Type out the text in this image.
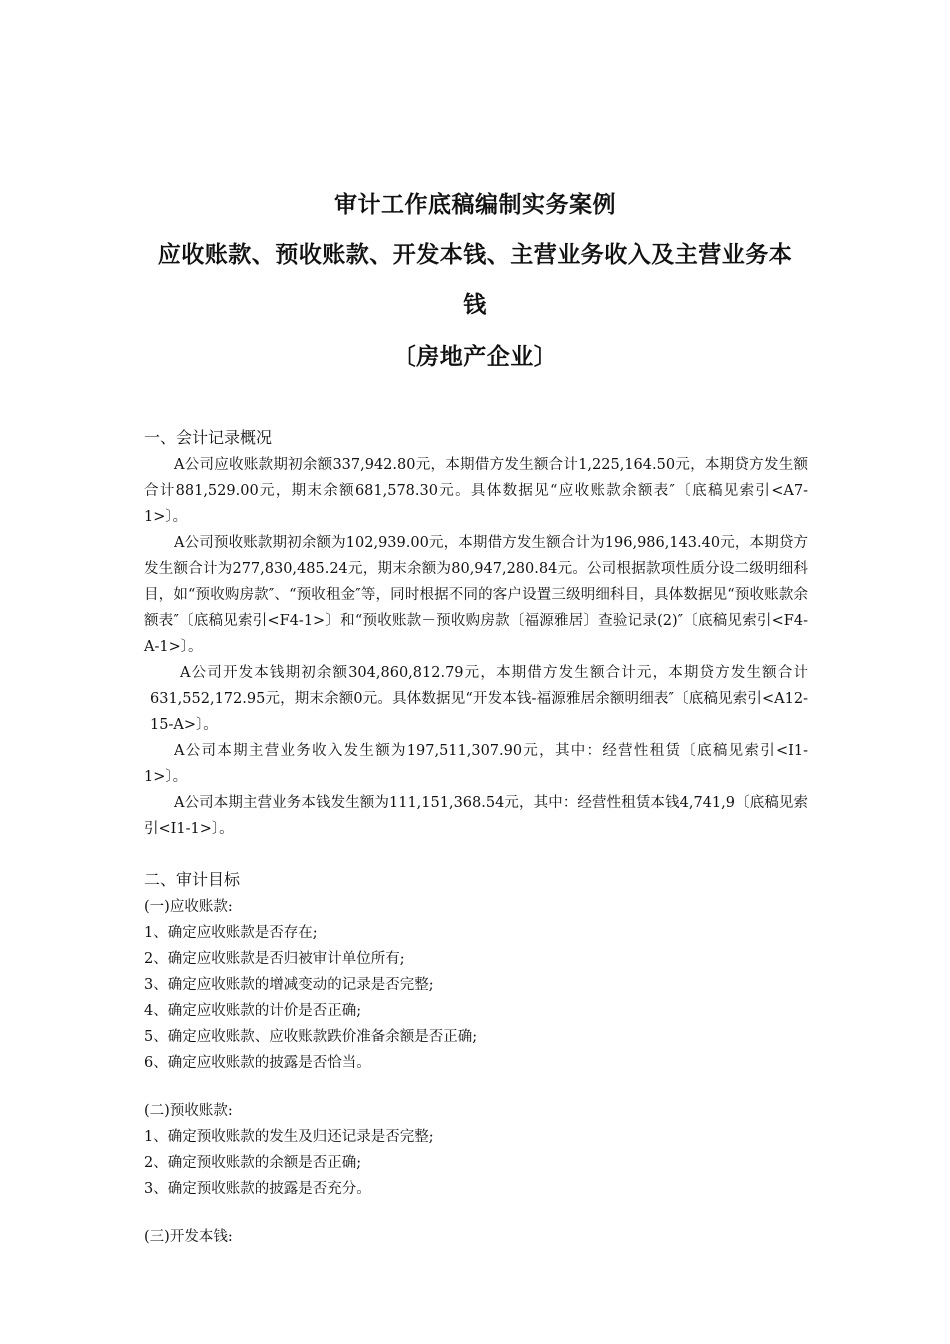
审计工作底稿编制实务案例
应收账款、预收账款、开发本钱、主营业务收入及主营业务本
钱
〔房地产企业〕

一、会计记录概况

A公司应收账款期初余额337,942.80元，本期借方发生额合计1,225,164.50元，本期贷方发生额合计881,529.00元，期末余额681,578.30元。具体数据见“应收账款余额表″〔底稿见索引<A7-1>〕。

A公司预收账款期初余额为102,939.00元，本期借方发生额合计为196,986,143.40元，本期贷方发生额合计为277,830,485.24元，期末余额为80,947,280.84元。公司根据款项性质分设二级明细科目，如“预收购房款″、“预收租金″等，同时根据不同的客户设置三级明细科目，具体数据见“预收账款余额表″〔底稿见索引<F4-1>〕和“预收账款－预收购房款〔福源雅居〕查验记录(2)″〔底稿见索引<F4-A-1>〕。

A公司开发本钱期初余额304,860,812.79元，本期借方发生额合计元，本期贷方发生额合计631,552,172.95元，期末余额0元。具体数据见“开发本钱-福源雅居余额明细表″〔底稿见索引<A12-15-A>〕。

A公司本期主营业务收入发生额为197,511,307.90元，其中：经营性租赁〔底稿见索引<I1-1>〕。

A公司本期主营业务本钱发生额为111,151,368.54元，其中：经营性租赁本钱4,741,9〔底稿见索引<I1-1>〕。

二、审计目标

(一)应收账款:

1、确定应收账款是否存在;

2、确定应收账款是否归被审计单位所有;

3、确定应收账款的增减变动的记录是否完整;

4、确定应收账款的计价是否正确;

5、确定应收账款、应收账款跌价准备余额是否正确;

6、确定应收账款的披露是否恰当。

(二)预收账款:

1、确定预收账款的发生及归还记录是否完整;

2、确定预收账款的余额是否正确;

3、确定预收账款的披露是否充分。

(三)开发本钱:
